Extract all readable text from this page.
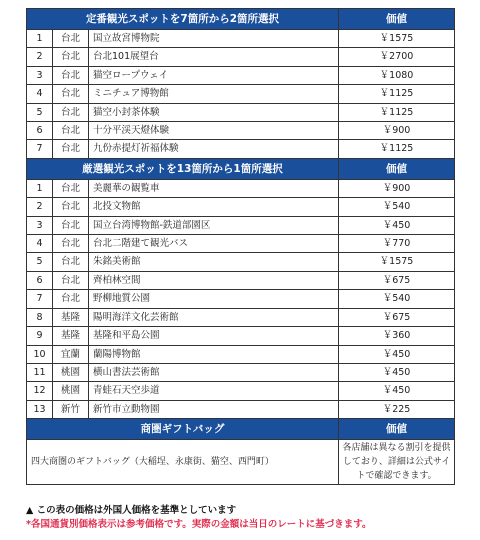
定番観光スポットを7箇所から2箇所選択			価値
1	台北	国立故宮博物院	￥1575
2	台北	台北101展望台	￥2700
3	台北	猫空ロープウェイ	￥1080
4	台北	ミニチュア博物館	￥1125
5	台北	猫空小封茶体験	￥1125
6	台北	十分平渓天燈体験	￥900
7	台北	九份赤提灯祈福体験	￥1125
厳選観光スポットを13箇所から1箇所選択			価値
1	台北	美麗華の観覧車	￥900
2	台北	北投文物館	￥540
3	台北	国立台湾博物館-鉄道部園区	￥450
4	台北	台北二階建て観光バス	￥770
5	台北	朱銘美術館	￥1575
6	台北	齊柏林空間	￥675
7	台北	野柳地質公園	￥540
8	基隆	陽明海洋文化芸術館	￥675
9	基隆	基隆和平島公園	￥360
10	宜蘭	蘭陽博物館	￥450
11	桃園	横山書法芸術館	￥450
12	桃園	青蛙石天空歩道	￥450
13	新竹	新竹市立動物園	￥225
商圏ギフトバッグ			価値
四大商圏のギフトバッグ（大稲埕、永康街、猫空、西門町）			各店舗は異なる割引を提供しており、詳細は公式サイトで確認できます。
▲ この表の価格は外国人価格を基準としています
*各国通貨別価格表示は参考価格です。実際の金額は当日のレートに基づきます。
